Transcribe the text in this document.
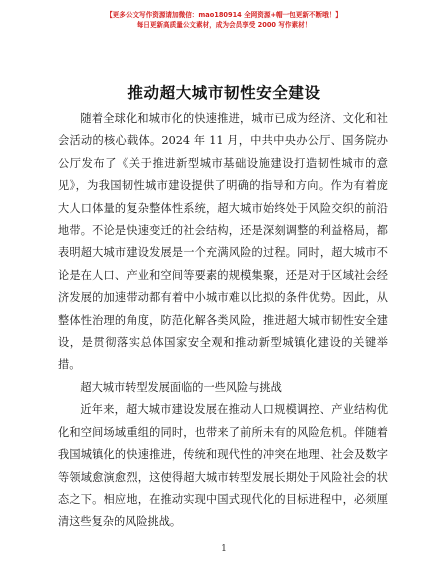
【更多公文写作资源请加微信：mao180914 全网资源+帽一包更新不断哦！】
每日更新高质量公文素材，成为会员享受 2000 写作素材！
推动超大城市韧性安全建设

随着全球化和城市化的快速推进，城市已成为经济、文化和社会活动的核心载体。2024 年 11 月，中共中央办公厅、国务院办公厅发布了《关于推进新型城市基础设施建设打造韧性城市的意见》，为我国韧性城市建设提供了明确的指导和方向。作为有着庞大人口体量的复杂整体性系统，超大城市始终处于风险交织的前沿地带。不论是快速变迁的社会结构，还是深刻调整的利益格局，都表明超大城市建设发展是一个充满风险的过程。同时，超大城市不论是在人口、产业和空间等要素的规模集聚，还是对于区域社会经济发展的加速带动都有着中小城市难以比拟的条件优势。因此，从整体性治理的角度，防范化解各类风险，推进超大城市韧性安全建设，是贯彻落实总体国家安全观和推动新型城镇化建设的关键举措。

超大城市转型发展面临的一些风险与挑战

近年来，超大城市建设发展在推动人口规模调控、产业结构优化和空间场域重组的同时，也带来了前所未有的风险危机。伴随着我国城镇化的快速推进，传统和现代性的冲突在地理、社会及数字等领域愈演愈烈，这使得超大城市转型发展长期处于风险社会的状态之下。相应地，在推动实现中国式现代化的目标进程中，必须厘清这些复杂的风险挑战。

1
